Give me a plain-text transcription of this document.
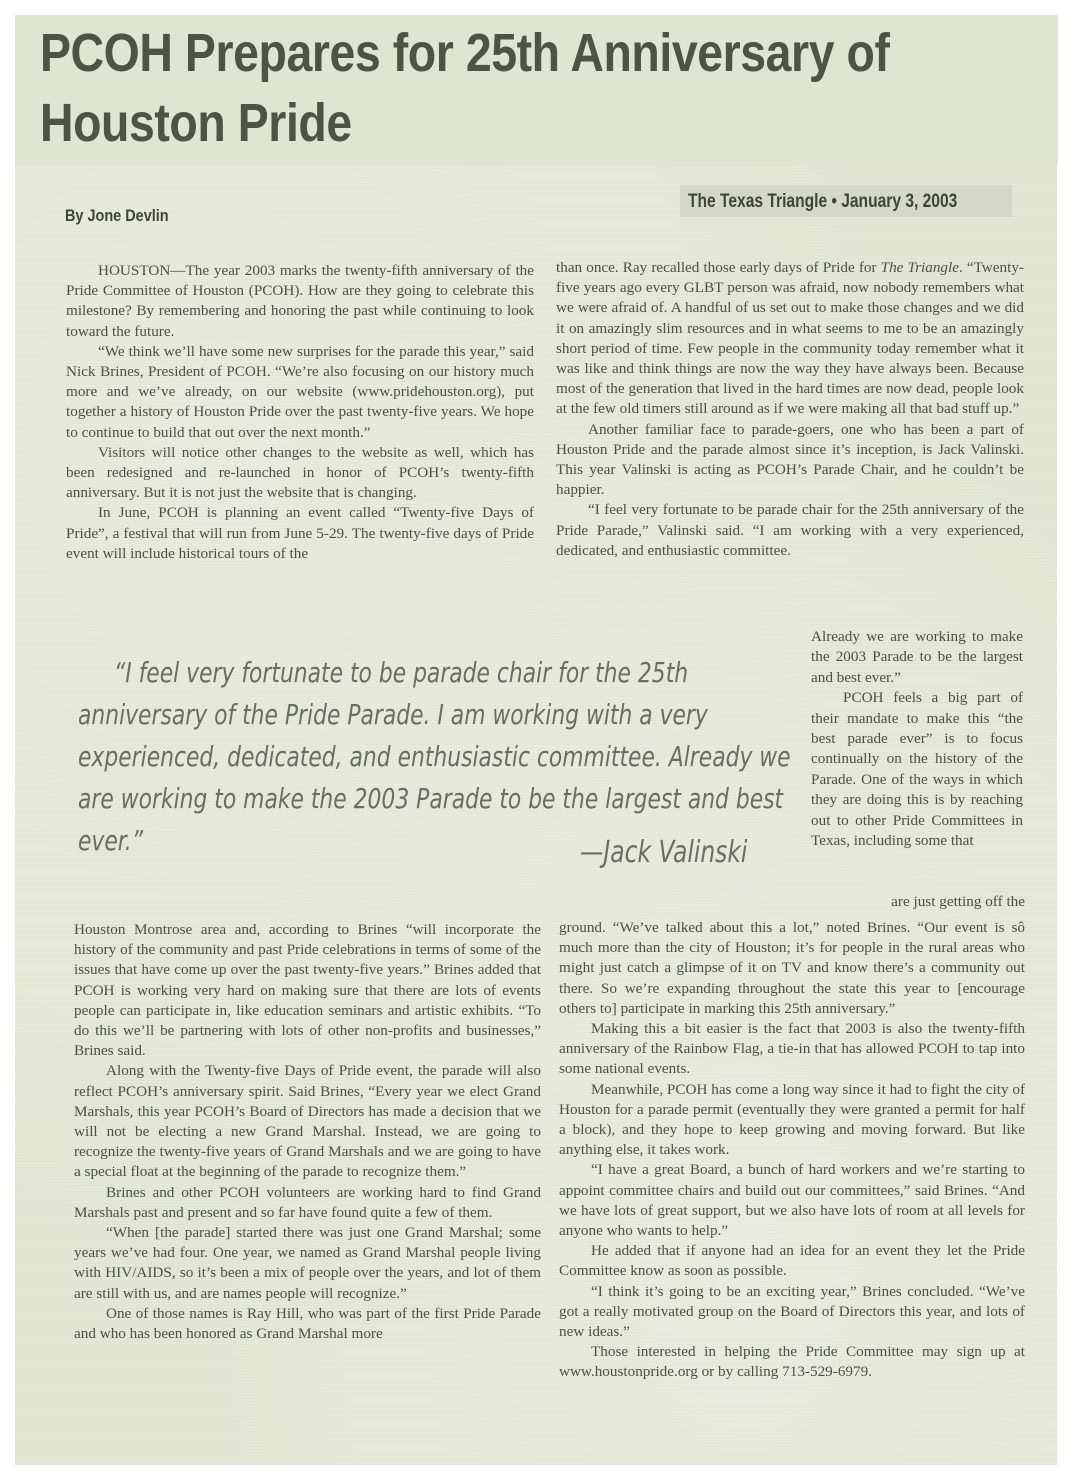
PCOH Prepares for 25th Anniversary of
Houston Pride
The Texas Triangle • January 3, 2003
By Jone Devlin

HOUSTON—The year 2003 marks the twenty-fifth anniversary of the Pride Committee of Houston (PCOH). How are they going to celebrate this milestone? By remembering and honoring the past while continuing to look toward the future.

“We think we’ll have some new surprises for the parade this year,” said Nick Brines, President of PCOH. “We’re also focusing on our history much more and we’ve already, on our website (www.pridehouston.org), put together a history of Houston Pride over the past twenty-five years. We hope to continue to build that out over the next month.”

Visitors will notice other changes to the website as well, which has been redesigned and re-launched in honor of PCOH’s twenty-fifth anniversary. But it is not just the website that is changing.

In June, PCOH is planning an event called “Twenty-five Days of Pride”, a festival that will run from June 5-29. The twenty-five days of Pride event will include historical tours of the

than once. Ray recalled those early days of Pride for The Triangle. “Twenty-five years ago every GLBT person was afraid, now nobody remembers what we were afraid of. A handful of us set out to make those changes and we did it on amazingly slim resources and in what seems to me to be an amazingly short period of time. Few people in the community today remember what it was like and think things are now the way they have always been. Because most of the generation that lived in the hard times are now dead, people look at the few old timers still around as if we were making all that bad stuff up.”

Another familiar face to parade-goers, one who has been a part of Houston Pride and the parade almost since it’s inception, is Jack Valinski. This year Valinski is acting as PCOH’s Parade Chair, and he couldn’t be happier.

“I feel very fortunate to be parade chair for the 25th anniversary of the Pride Parade,” Valinski said. “I am working with a very experienced, dedicated, and enthusiastic committee.

Already we are working to make the 2003 Parade to be the largest and best ever.”

PCOH feels a big part of their mandate to make this “the best parade ever” is to focus continually on the history of the Parade. One of the ways in which they are doing this is by reaching out to other Pride Committees in Texas, including some that

are just getting off the

“I feel very fortunate to be parade chair for the 25th anniversary of the Pride Parade. I am working with a very experienced, dedicated, and enthusiastic committee. Already we are working to make the 2003 Parade to be the largest and best ever.”	—Jack Valinski

Houston Montrose area and, according to Brines “will incorporate the history of the community and past Pride celebrations in terms of some of the issues that have come up over the past twenty-five years.” Brines added that PCOH is working very hard on making sure that there are lots of events people can participate in, like education seminars and artistic exhibits. “To do this we’ll be partnering with lots of other non-profits and businesses,” Brines said.

Along with the Twenty-five Days of Pride event, the parade will also reflect PCOH’s anniversary spirit. Said Brines, “Every year we elect Grand Marshals, this year PCOH’s Board of Directors has made a decision that we will not be electing a new Grand Marshal. Instead, we are going to recognize the twenty-five years of Grand Marshals and we are going to have a special float at the beginning of the parade to recognize them.”

Brines and other PCOH volunteers are working hard to find Grand Marshals past and present and so far have found quite a few of them.

“When [the parade] started there was just one Grand Marshal; some years we’ve had four. One year, we named as Grand Marshal people living with HIV/AIDS, so it’s been a mix of people over the years, and lot of them are still with us, and are names people will recognize.”

One of those names is Ray Hill, who was part of the first Pride Parade and who has been honored as Grand Marshal more

ground. “We’ve talked about this a lot,” noted Brines. “Our event is sô much more than the city of Houston; it’s for people in the rural areas who might just catch a glimpse of it on TV and know there’s a community out there. So we’re expanding throughout the state this year to [encourage others to] participate in marking this 25th anniversary.”

Making this a bit easier is the fact that 2003 is also the twenty-fifth anniversary of the Rainbow Flag, a tie-in that has allowed PCOH to tap into some national events.

Meanwhile, PCOH has come a long way since it had to fight the city of Houston for a parade permit (eventually they were granted a permit for half a block), and they hope to keep growing and moving forward. But like anything else, it takes work.

“I have a great Board, a bunch of hard workers and we’re starting to appoint committee chairs and build out our committees,” said Brines. “And we have lots of great support, but we also have lots of room at all levels for anyone who wants to help.”

He added that if anyone had an idea for an event they let the Pride Committee know as soon as possible.

“I think it’s going to be an exciting year,” Brines concluded. “We’ve got a really motivated group on the Board of Directors this year, and lots of new ideas.”

Those interested in helping the Pride Committee may sign up at www.houstonpride.org or by calling 713-529-6979.
